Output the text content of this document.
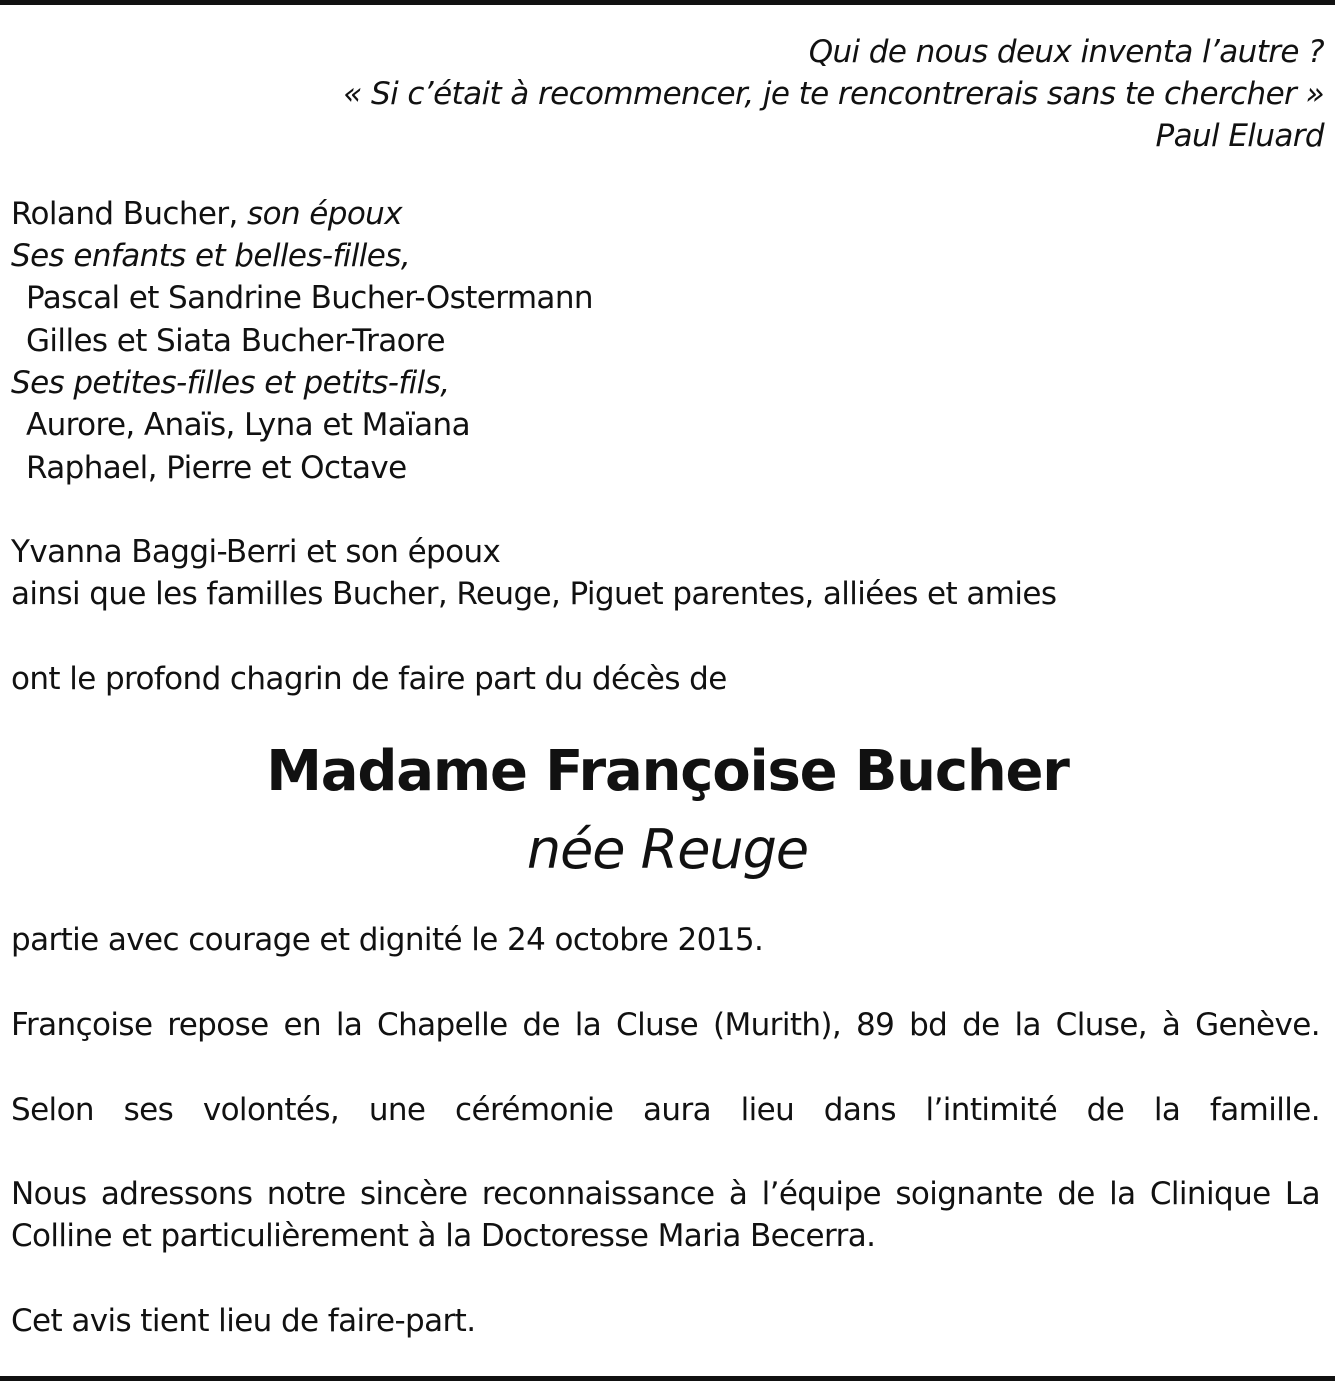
Qui de nous deux inventa l’autre ?
« Si c’était à recommencer, je te rencontrerais sans te chercher »
Paul Eluard
Roland Bucher, son époux
Ses enfants et belles-filles,
Pascal et Sandrine Bucher-Ostermann
Gilles et Siata Bucher-Traore
Ses petites-filles et petits-fils,
Aurore, Anaïs, Lyna et Maïana
Raphael, Pierre et Octave
Yvanna Baggi-Berri et son époux
ainsi que les familles Bucher, Reuge, Piguet parentes, alliées et amies
ont le profond chagrin de faire part du décès de
Madame Françoise Bucher
née Reuge
partie avec courage et dignité le 24 octobre 2015.
Françoise repose en la Chapelle de la Cluse (Murith), 89 bd de la Cluse, à Genève.
Selon ses volontés, une cérémonie aura lieu dans l’intimité de la famille.
Nous adressons notre sincère reconnaissance à l’équipe soignante de la Clinique La
Colline et particulièrement à la Doctoresse Maria Becerra.
Cet avis tient lieu de faire-part.
